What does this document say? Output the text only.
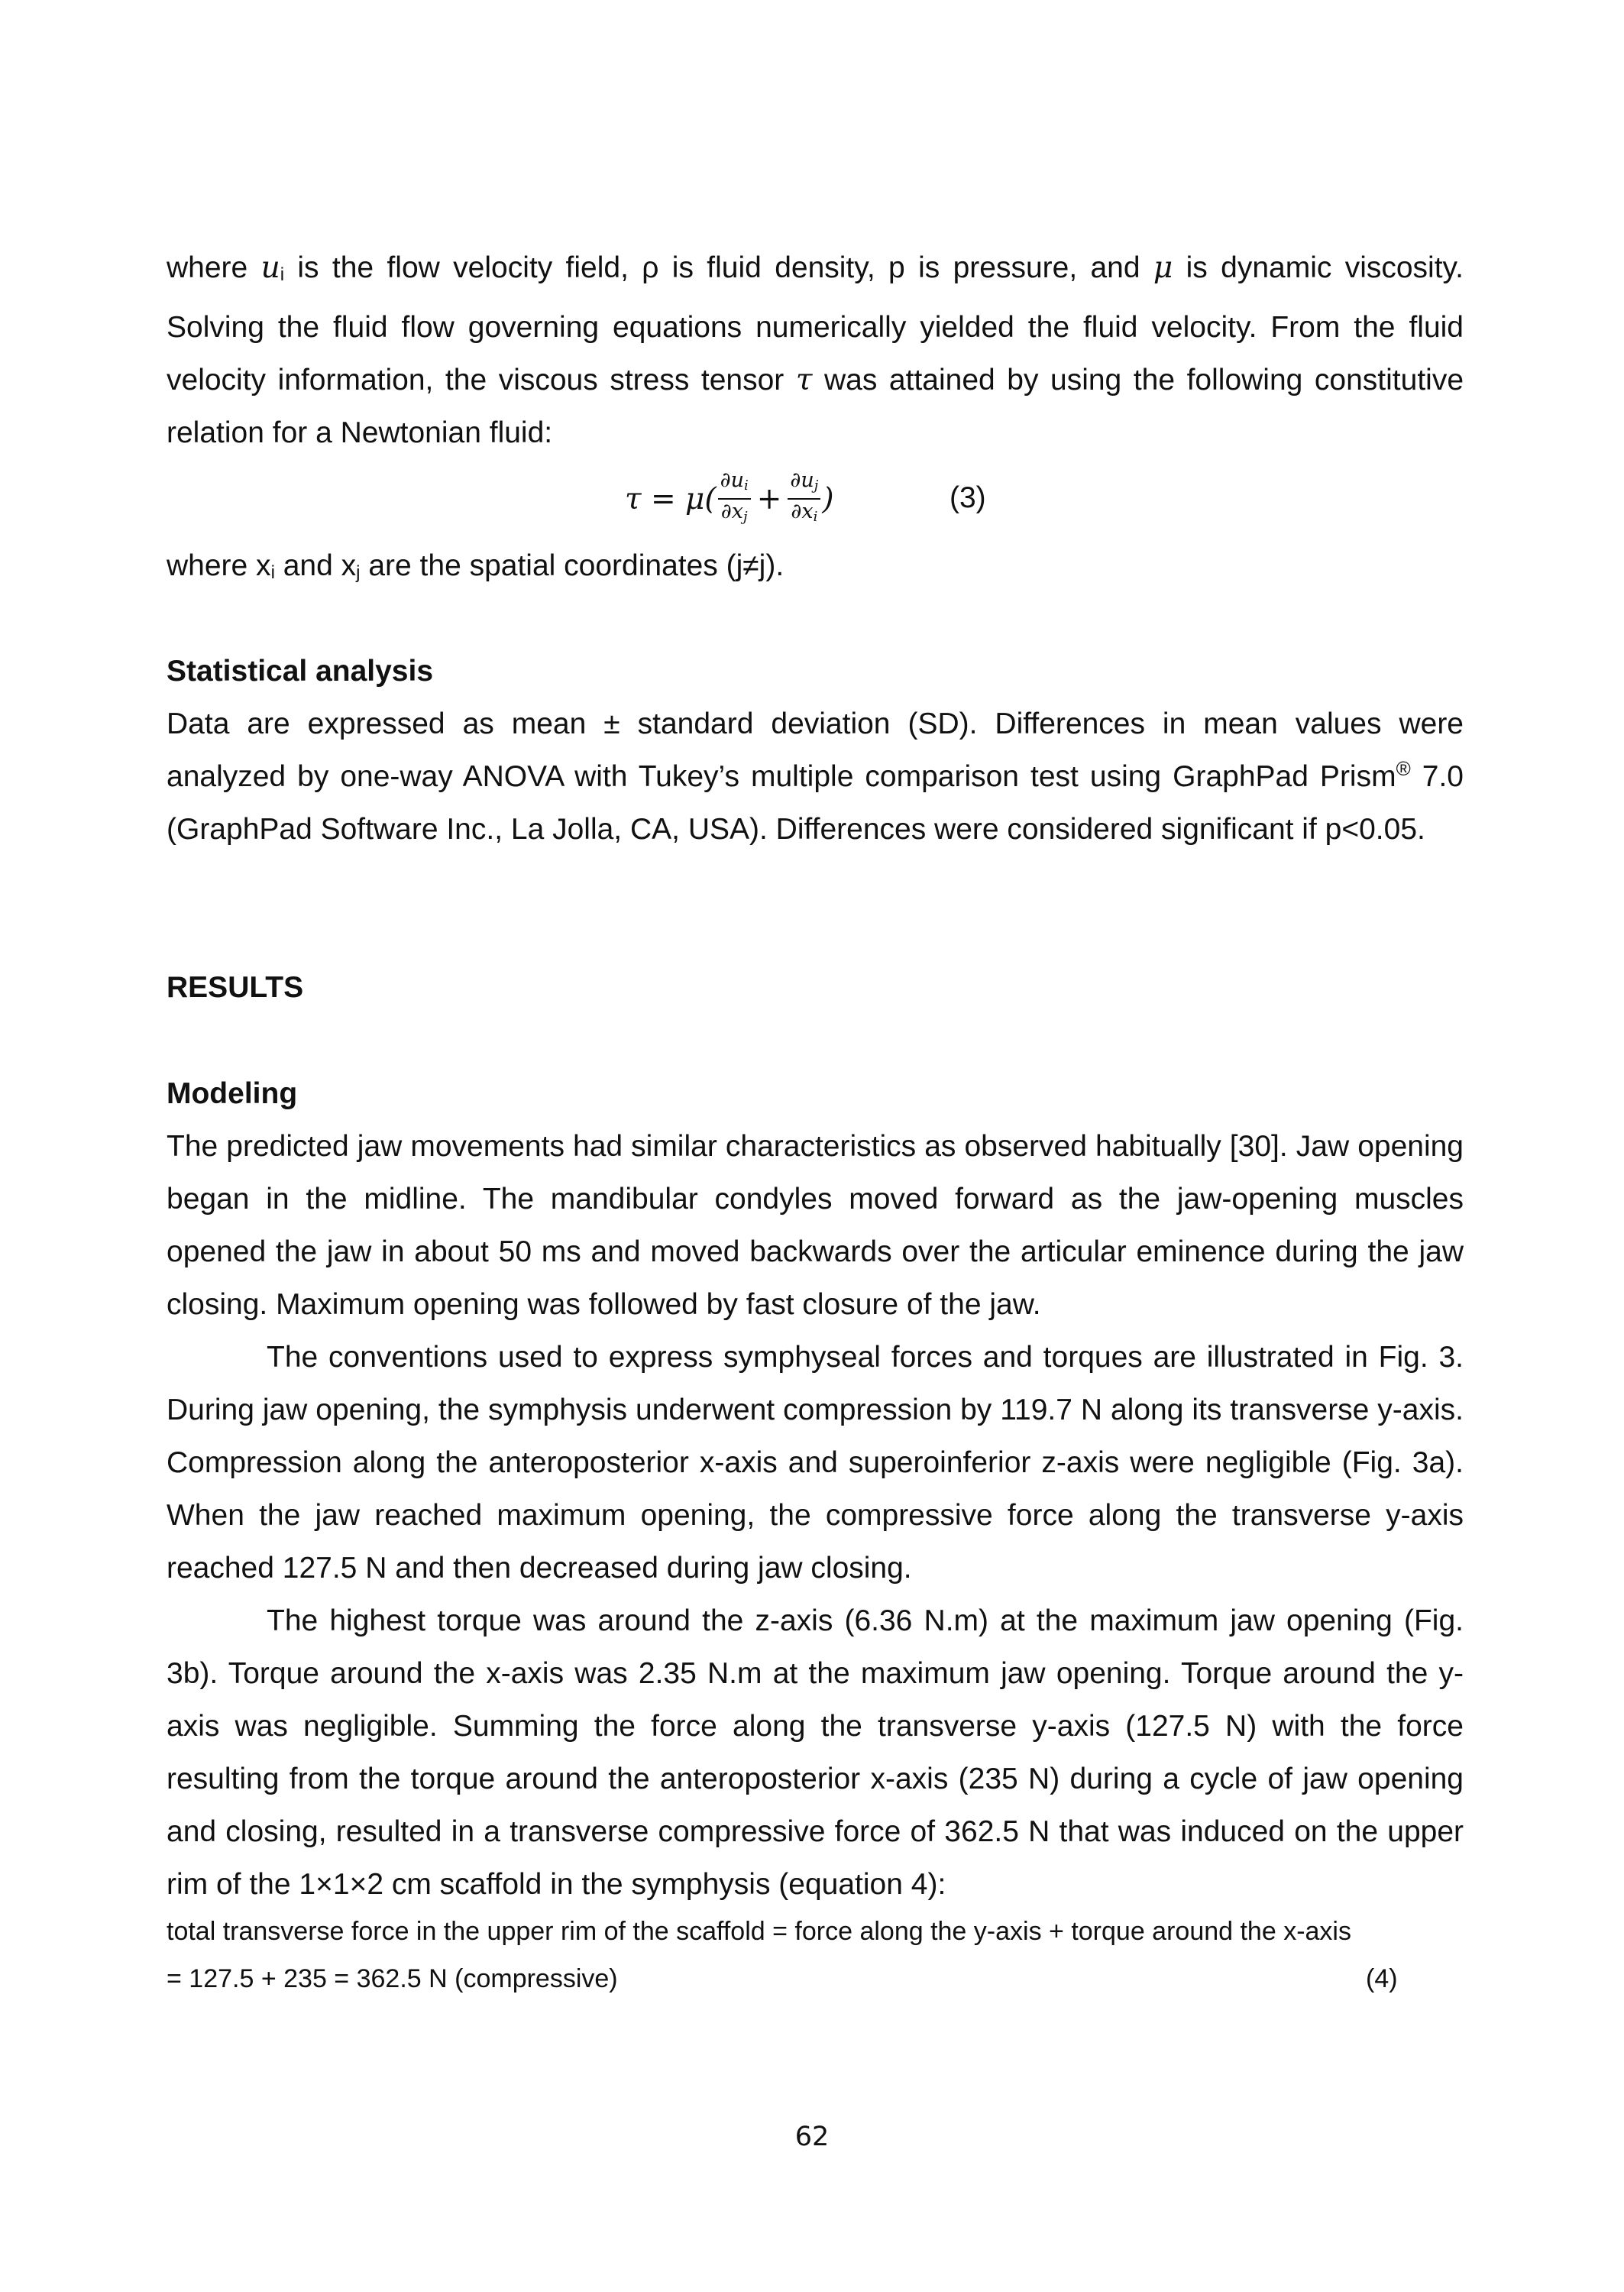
where ui is the flow velocity field, ρ is fluid density, p is pressure, and μ is dynamic viscosity. Solving the fluid flow governing equations numerically yielded the fluid velocity. From the fluid velocity information, the viscous stress tensor τ was attained by using the following constitutive relation for a Newtonian fluid:

$\tau = \mu( \frac{\partial ui}{\partial xj} + \frac{\partial uj}{\partial xi}$ )	(3)

where xi and xj are the spatial coordinates (j≠j).

Statistical analysis

Data are expressed as mean ± standard deviation (SD). Differences in mean values were analyzed by one-way ANOVA with Tukey’s multiple comparison test using GraphPad Prism® 7.0 (GraphPad Software Inc., La Jolla, CA, USA). Differences were considered significant if p<0.05.

RESULTS
Modeling

The predicted jaw movements had similar characteristics as observed habitually [30]. Jaw opening began in the midline. The mandibular condyles moved forward as the jaw-opening muscles opened the jaw in about 50 ms and moved backwards over the articular eminence during the jaw closing. Maximum opening was followed by fast closure of the jaw.

The conventions used to express symphyseal forces and torques are illustrated in Fig. 3. During jaw opening, the symphysis underwent compression by 119.7 N along its transverse y-axis. Compression along the anteroposterior x-axis and superoinferior z-axis were negligible (Fig. 3a). When the jaw reached maximum opening, the compressive force along the transverse y-axis reached 127.5 N and then decreased during jaw closing.

The highest torque was around the z-axis (6.36 N.m) at the maximum jaw opening (Fig. 3b). Torque around the x-axis was 2.35 N.m at the maximum jaw opening. Torque around the y-axis was negligible. Summing the force along the transverse y-axis (127.5 N) with the force resulting from the torque around the anteroposterior x-axis (235 N) during a cycle of jaw opening and closing, resulted in a transverse compressive force of 362.5 N that was induced on the upper rim of the 1×1×2 cm scaffold in the symphysis (equation 4):

total transverse force in the upper rim of the scaffold = force along the y-axis + torque around the x-axis
= 127.5 + 235 = 362.5 N (compressive)	(4)
62
